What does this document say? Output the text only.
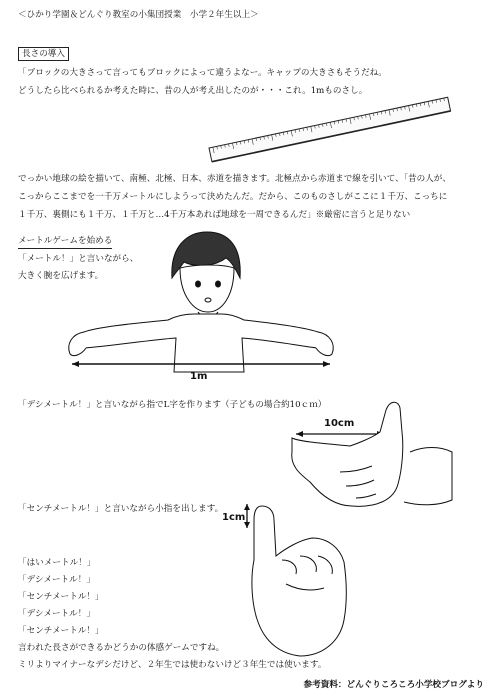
＜ひかり学園＆どんぐり教室の小集団授業　小学２年生以上＞
長さの導入
「ブロックの大きさって言ってもブロックによって違うよなー。キャップの大きさもそうだね。
どうしたら比べられるか考えた時に、昔の人が考え出したのが・・・これ。1mものさし。
でっかい地球の絵を描いて、南極、北極、日本、赤道を描きます。北極点から赤道まで線を引いて、「昔の人が、
こっからここまでを一千万メートルにしようって決めたんだ。だから、このものさしがここに１千万、こっちに
１千万、裏側にも１千万、１千万と…4千万本あれば地球を一周できるんだ」※厳密に言うと足りない
メートルゲームを始める
「メートル！」と言いながら、
大きく腕を広げます。
1m
「デシメートル！」と言いながら指でL字を作ります（子どもの場合約10ｃｍ）
10cm
「センチメートル！」と言いながら小指を出します。
1cm
「はいメートル！」
「デシメートル！」
「センチメートル！」
「デシメートル！」
「センチメートル！」
言われた長さができるかどうかの体感ゲームですね。
ミリよりマイナーなデシだけど、２年生では使わないけど３年生では使います。
参考資料：どんぐりころころ小学校ブログより
